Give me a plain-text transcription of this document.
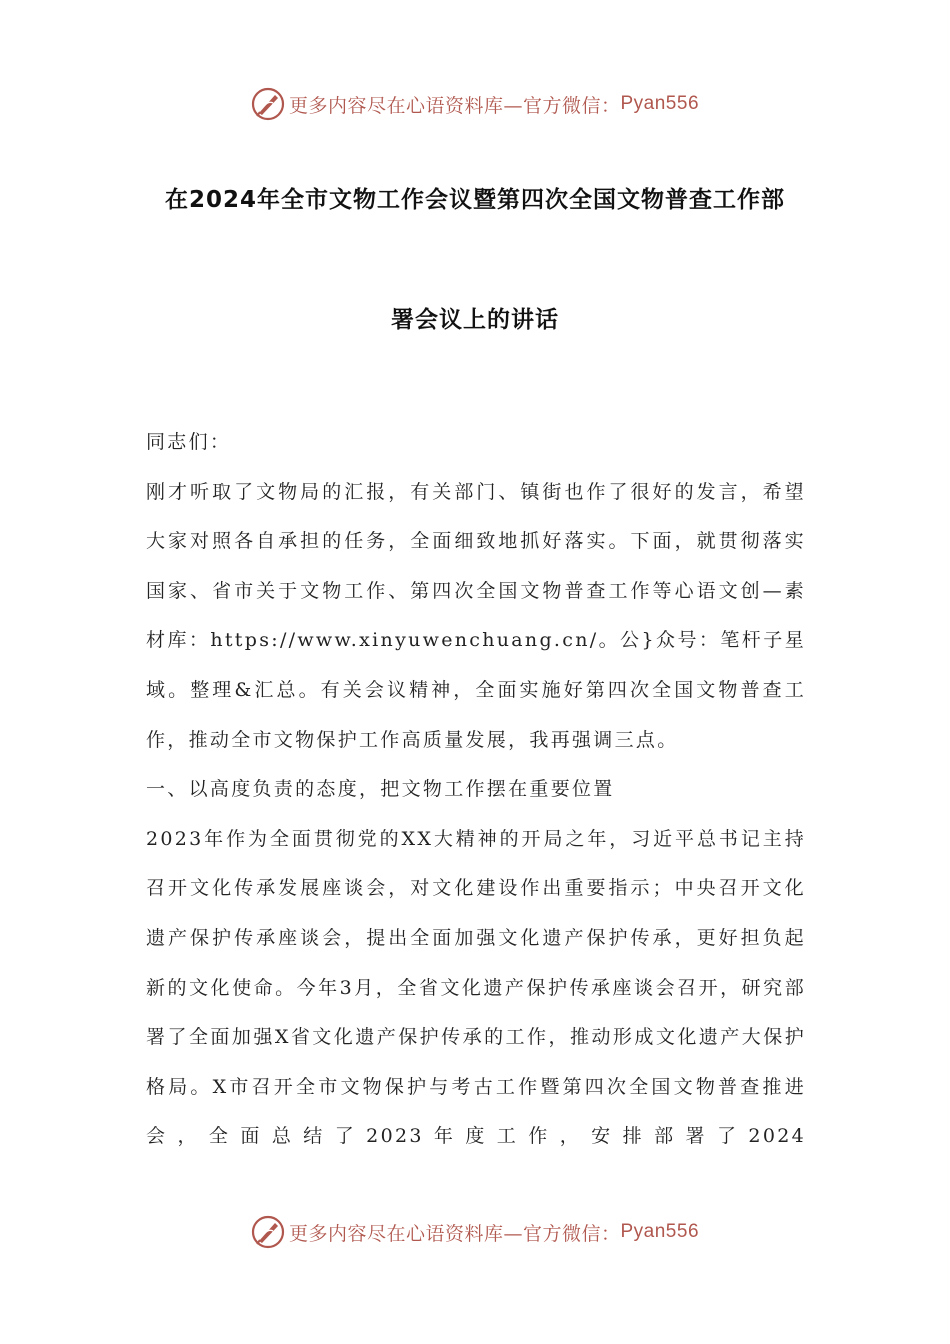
更多内容尽在心语资料库—官方微信： Pyan556
在2024年全市文物工作会议暨第四次全国文物普查工作部
署会议上的讲话

同志们：

刚才听取了文物局的汇报，有关部门、镇街也作了很好的发言，希望大家对照各自承担的任务，全面细致地抓好落实。下面，就贯彻落实国家、省市关于文物工作、第四次全国文物普查工作等心语文创—素材库：https://www.xinyuwenchuang.cn/。公}众号：笔杆子星域。整理&汇总。有关会议精神，全面实施好第四次全国文物普查工作，推动全市文物保护工作高质量发展，我再强调三点。

一、以高度负责的态度，把文物工作摆在重要位置

2023年作为全面贯彻党的XX大精神的开局之年，习近平总书记主持召开文化传承发展座谈会，对文化建设作出重要指示；中央召开文化遗产保护传承座谈会，提出全面加强文化遗产保护传承，更好担负起新的文化使命。今年3月，全省文化遗产保护传承座谈会召开，研究部署了全面加强X省文化遗产保护传承的工作，推动形成文化遗产大保护格局。X市召开全市文物保护与考古工作暨第四次全国文物普查推进会，全面总结了2023年度工作，安排部署了2024

更多内容尽在心语资料库—官方微信： Pyan556
